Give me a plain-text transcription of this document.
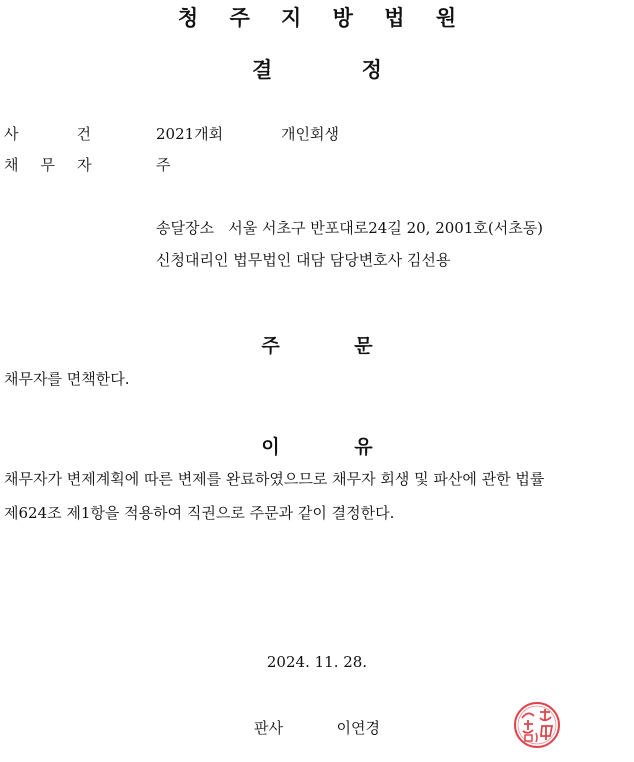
청 주 지 방 법 원
결 정
사건 2021개회	개인회생
채무자	주
송달장소 서울 서초구 반포대로24길 20, 2001호(서초동)
신청대리인 법무법인 대담 담당변호사 김선용
주 문
채무자를 면책한다.
이 유
채무자가 변제계획에 따른 변제를 완료하였으므로 채무자 회생 및 파산에 관한 법률
제624조 제1항을 적용하여 직권으로 주문과 같이 결정한다.
2024. 11. 28.
판사	이연경
